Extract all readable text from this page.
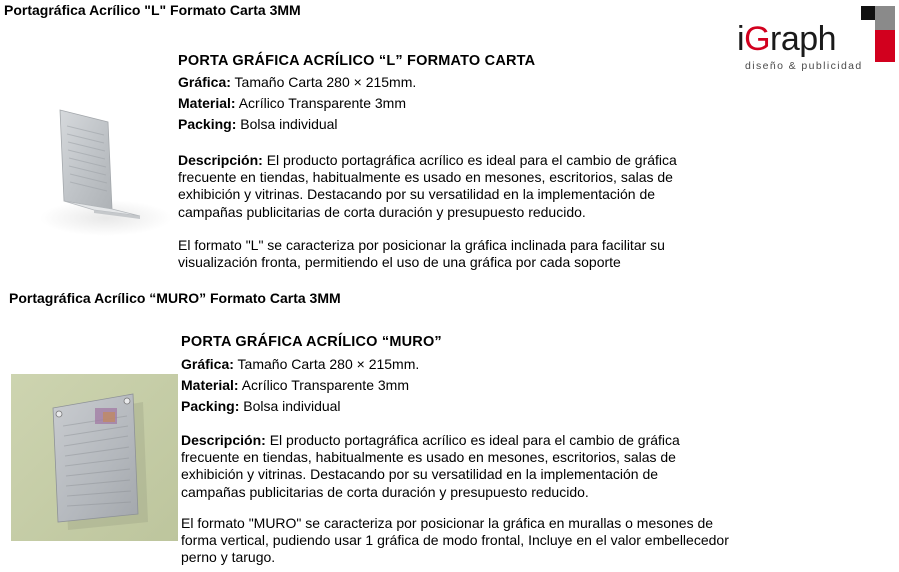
iGraph
diseño & publicidad
Portagráfica Acrílico "L" Formato Carta 3MM
PORTA GRÁFICA ACRÍLICO “L” FORMATO CARTA
Gráfica: Tamaño Carta 280 × 215mm.
Material: Acrílico Transparente 3mm
Packing: Bolsa individual
Descripción: El producto portagráfica acrílico es ideal para el cambio de gráfica frecuente en tiendas, habitualmente es usado en mesones, escritorios, salas de exhibición y vitrinas. Destacando por su versatilidad en la implementación de campañas publicitarias de corta duración y presupuesto reducido.
El formato "L" se caracteriza por posicionar la gráfica inclinada para facilitar su visualización fronta, permitiendo el uso de una gráfica por cada soporte
Portagráfica Acrílico “MURO” Formato Carta 3MM
PORTA GRÁFICA ACRÍLICO “MURO”
Gráfica: Tamaño Carta 280 × 215mm.
Material: Acrílico Transparente 3mm
Packing: Bolsa individual
Descripción: El producto portagráfica acrílico es ideal para el cambio de gráfica frecuente en tiendas, habitualmente es usado en mesones, escritorios, salas de exhibición y vitrinas. Destacando por su versatilidad en la implementación de campañas publicitarias de corta duración y presupuesto reducido.
El formato "MURO" se caracteriza por posicionar la gráfica en murallas o mesones de forma vertical, pudiendo usar 1 gráfica de modo frontal, Incluye en el valor embellecedor perno y tarugo.
